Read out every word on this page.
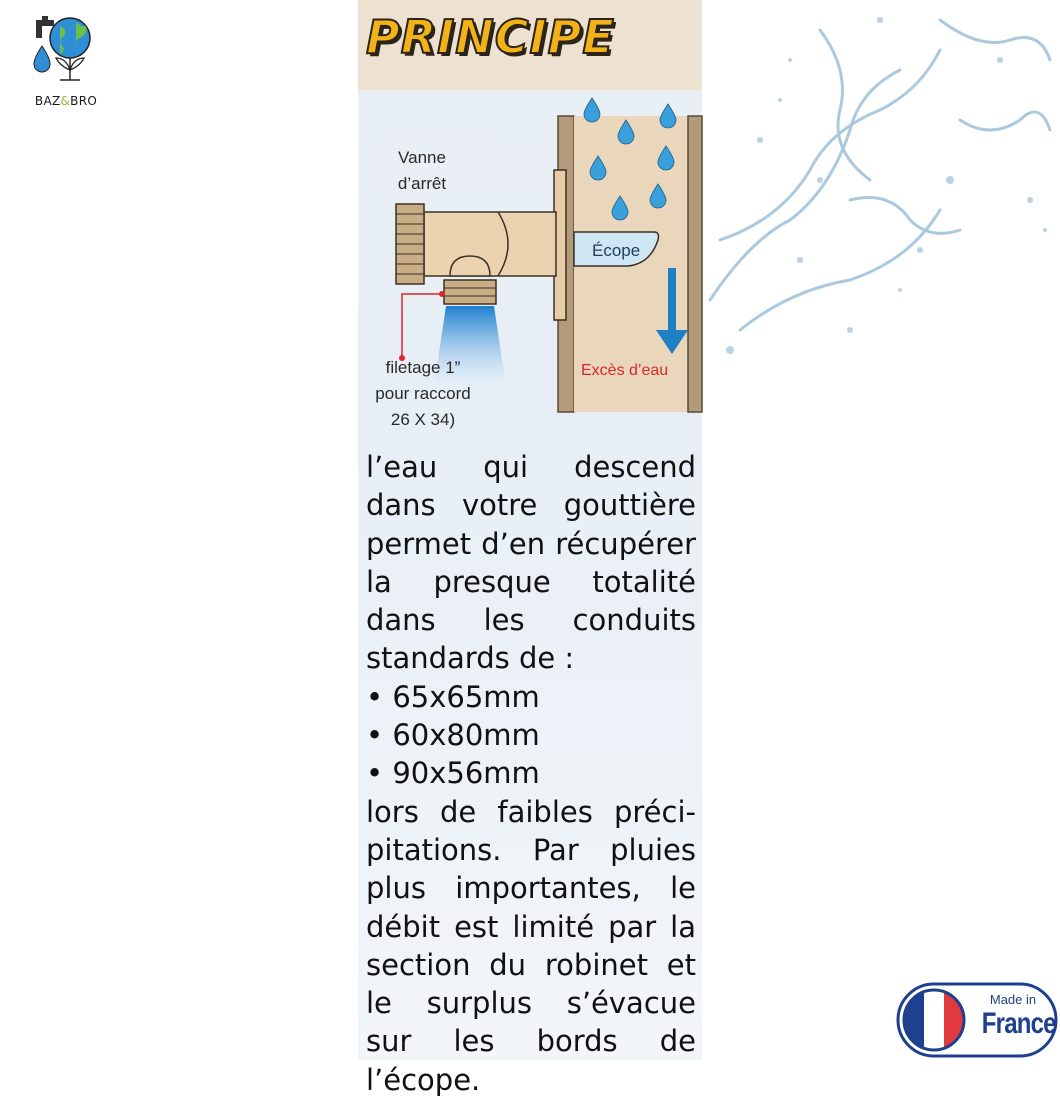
BAZ&BRO
PRINCIPE
Vanne
d’arrêt
Écope
Excès d’eau
filetage 1”
pour raccord
26 X 34)
l’eau qui descend dans votre gouttière permet d’en récupérer la presque totalité dans les conduits standards de :
• 65x65mm
• 60x80mm
• 90x56mm
lors de faibles précipitations. Par pluies plus importantes, le débit est limité par la section du robinet et le surplus s’évacue sur les bords de l’écope.
Made in
France
